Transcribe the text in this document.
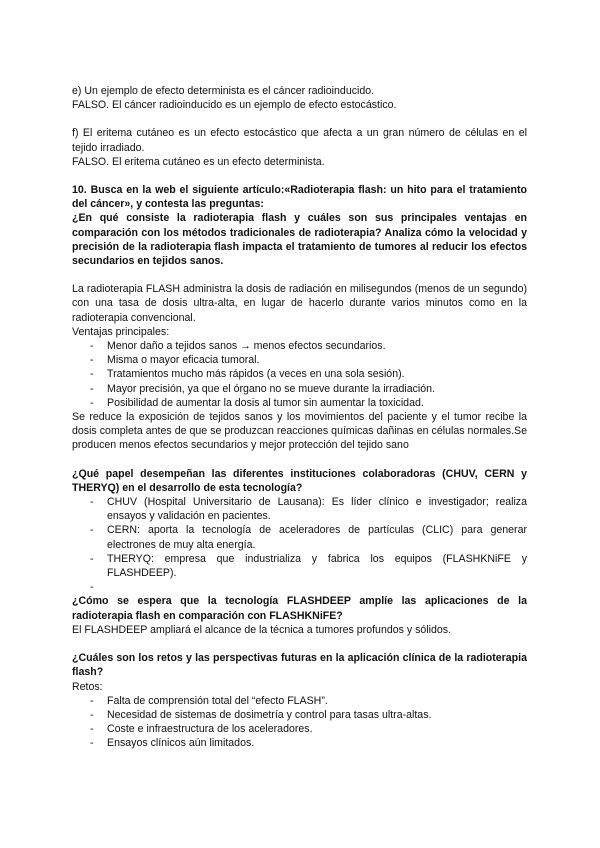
e) Un ejemplo de efecto determinista es el cáncer radioinducido.

FALSO. El cáncer radioinducido es un ejemplo de efecto estocástico.

f) El eritema cutáneo es un efecto estocástico que afecta a un gran número de células en el tejido irradiado.

FALSO. El eritema cutáneo es un efecto determinista.

10. Busca en la web el siguiente artículo:«Radioterapia flash: un hito para el tratamiento del cáncer», y contesta las preguntas:

¿En qué consiste la radioterapia flash y cuáles son sus principales ventajas en comparación con los métodos tradicionales de radioterapia? Analiza cómo la velocidad y precisión de la radioterapia flash impacta el tratamiento de tumores al reducir los efectos secundarios en tejidos sanos.

La radioterapia FLASH administra la dosis de radiación en milisegundos (menos de un segundo) con una tasa de dosis ultra-alta, en lugar de hacerlo durante varios minutos como en la radioterapia convencional.

Ventajas principales:

- Menor daño a tejidos sanos → menos efectos secundarios.
- Misma o mayor eficacia tumoral.
- Tratamientos mucho más rápidos (a veces en una sola sesión).
- Mayor precisión, ya que el órgano no se mueve durante la irradiación.
- Posibilidad de aumentar la dosis al tumor sin aumentar la toxicidad.

Se reduce la exposición de tejidos sanos y los movimientos del paciente y el tumor recibe la dosis completa antes de que se produzcan reacciones químicas dañinas en células normales.Se producen menos efectos secundarios y mejor protección del tejido sano

¿Qué papel desempeñan las diferentes instituciones colaboradoras (CHUV, CERN y THERYQ) en el desarrollo de esta tecnología?

- CHUV (Hospital Universitario de Lausana): Es líder clínico e investigador; realiza ensayos y validación en pacientes.
- CERN: aporta la tecnología de aceleradores de partículas (CLIC) para generar electrones de muy alta energía.
- THERYQ: empresa que industrializa y fabrica los equipos (FLASHKNiFE y FLASHDEEP).
-

¿Cómo se espera que la tecnología FLASHDEEP amplíe las aplicaciones de la radioterapia flash en comparación con FLASHKNiFE?

El FLASHDEEP ampliará el alcance de la técnica a tumores profundos y sólidos.

¿Cuáles son los retos y las perspectivas futuras en la aplicación clínica de la radioterapia flash?

Retos:

- Falta de comprensión total del “efecto FLASH”.
- Necesidad de sistemas de dosimetría y control para tasas ultra-altas.
- Coste e infraestructura de los aceleradores.
- Ensayos clínicos aún limitados.
